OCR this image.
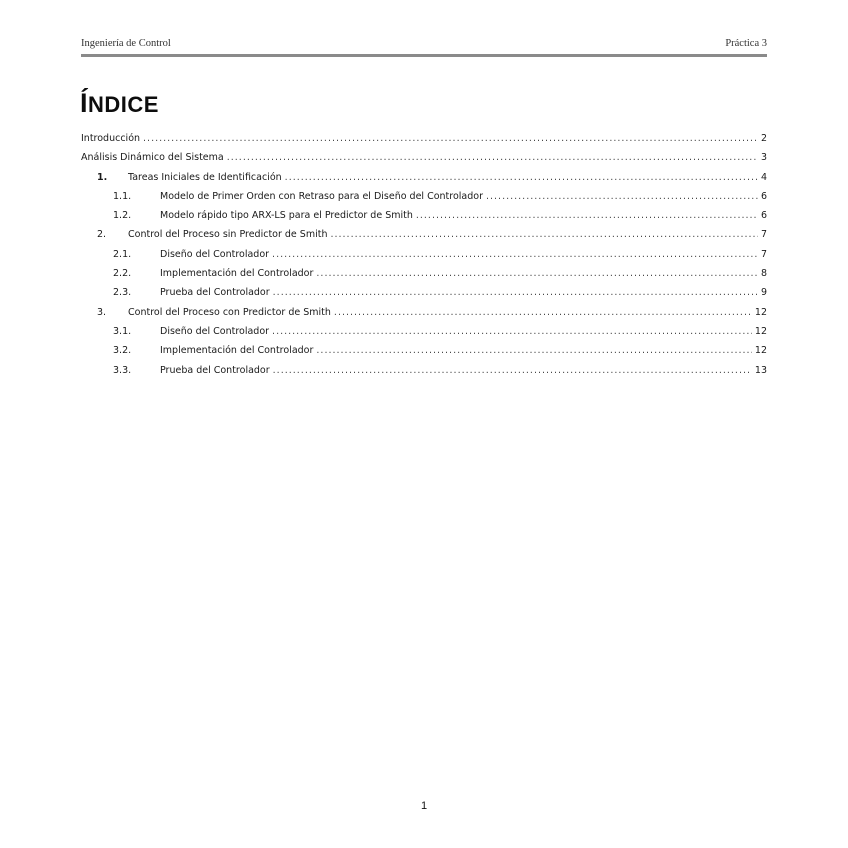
Ingeniería de Control	Práctica 3
ÍNDICE
Introducción .....	2
Análisis Dinámico del Sistema .....	3
1.	Tareas Iniciales de Identificación .....	4
1.1.	Modelo de Primer Orden con Retraso para el Diseño del Controlador .....	6
1.2.	Modelo rápido tipo ARX-LS para el Predictor de Smith .....	6
2.	Control del Proceso sin Predictor de Smith .....	7
2.1.	Diseño del Controlador .....	7
2.2.	Implementación del Controlador .....	8
2.3.	Prueba del Controlador .....	9
3.	Control del Proceso con Predictor de Smith .....	12
3.1.	Diseño del Controlador .....	12
3.2.	Implementación del Controlador .....	12
3.3.	Prueba del Controlador .....	13
1
